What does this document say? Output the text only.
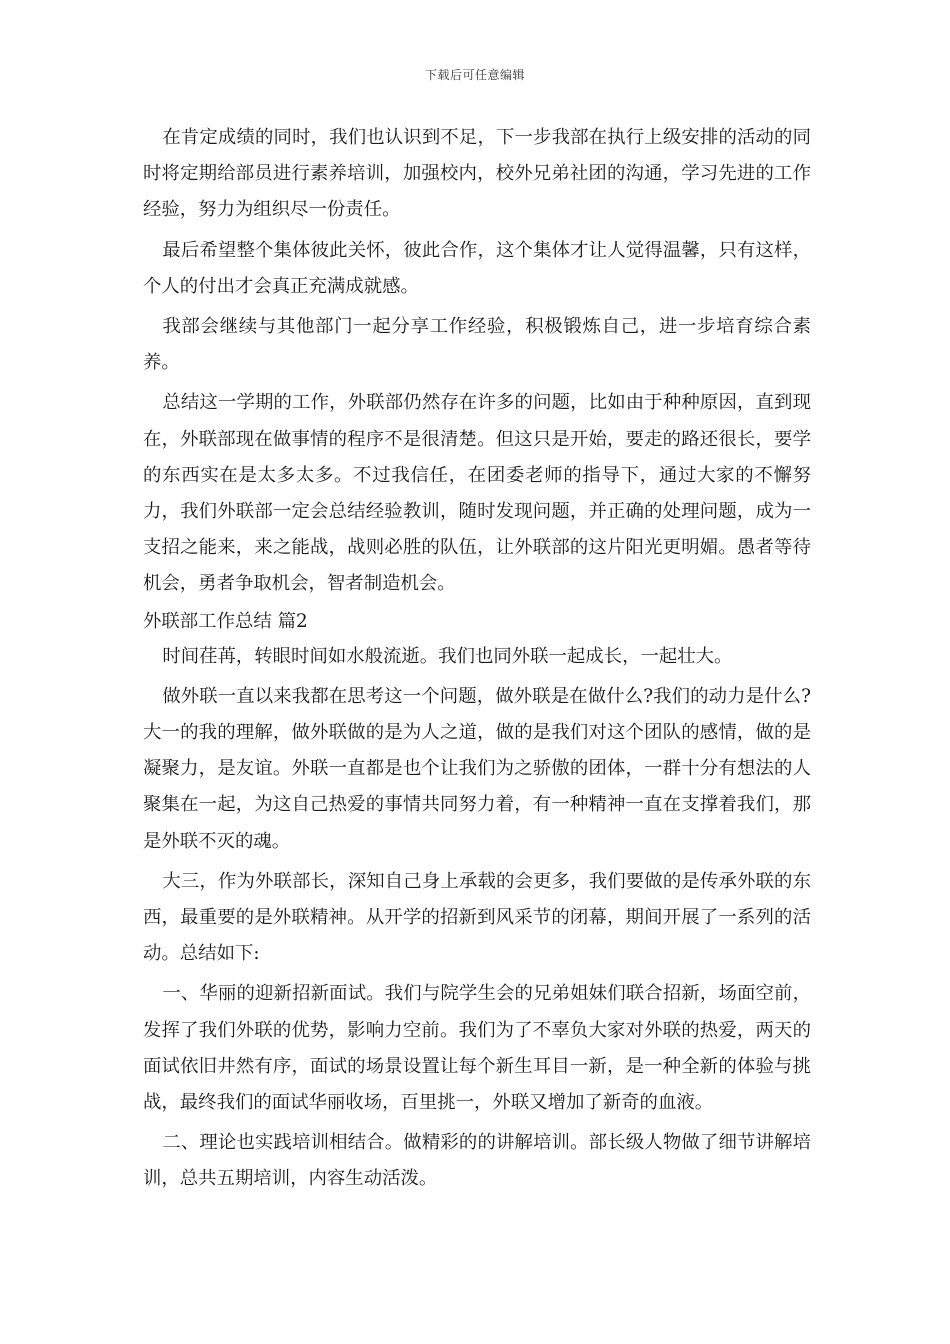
下载后可任意编辑

在肯定成绩的同时，我们也认识到不足，下一步我部在执行上级安排的活动的同时将定期给部员进行素养培训，加强校内，校外兄弟社团的沟通，学习先进的工作经验，努力为组织尽一份责任。

最后希望整个集体彼此关怀，彼此合作，这个集体才让人觉得温馨，只有这样，个人的付出才会真正充满成就感。

我部会继续与其他部门一起分享工作经验，积极锻炼自己，进一步培育综合素养。

总结这一学期的工作，外联部仍然存在许多的问题，比如由于种种原因，直到现在，外联部现在做事情的程序不是很清楚。但这只是开始，要走的路还很长，要学的东西实在是太多太多。不过我信任，在团委老师的指导下，通过大家的不懈努力，我们外联部一定会总结经验教训，随时发现问题，并正确的处理问题，成为一支招之能来，来之能战，战则必胜的队伍，让外联部的这片阳光更明媚。愚者等待机会，勇者争取机会，智者制造机会。

外联部工作总结 篇2

时间荏苒，转眼时间如水般流逝。我们也同外联一起成长，一起壮大。

做外联一直以来我都在思考这一个问题，做外联是在做什么?我们的动力是什么?大一的我的理解，做外联做的是为人之道，做的是我们对这个团队的感情，做的是凝聚力，是友谊。外联一直都是也个让我们为之骄傲的团体，一群十分有想法的人聚集在一起，为这自己热爱的事情共同努力着，有一种精神一直在支撑着我们，那是外联不灭的魂。

大三，作为外联部长，深知自己身上承载的会更多，我们要做的是传承外联的东西，最重要的是外联精神。从开学的招新到风采节的闭幕，期间开展了一系列的活动。总结如下:

一、华丽的迎新招新面试。我们与院学生会的兄弟姐妹们联合招新，场面空前，发挥了我们外联的优势，影响力空前。我们为了不辜负大家对外联的热爱，两天的面试依旧井然有序，面试的场景设置让每个新生耳目一新，是一种全新的体验与挑战，最终我们的面试华丽收场，百里挑一，外联又增加了新奇的血液。

二、理论也实践培训相结合。做精彩的的讲解培训。部长级人物做了细节讲解培训，总共五期培训，内容生动活泼。
